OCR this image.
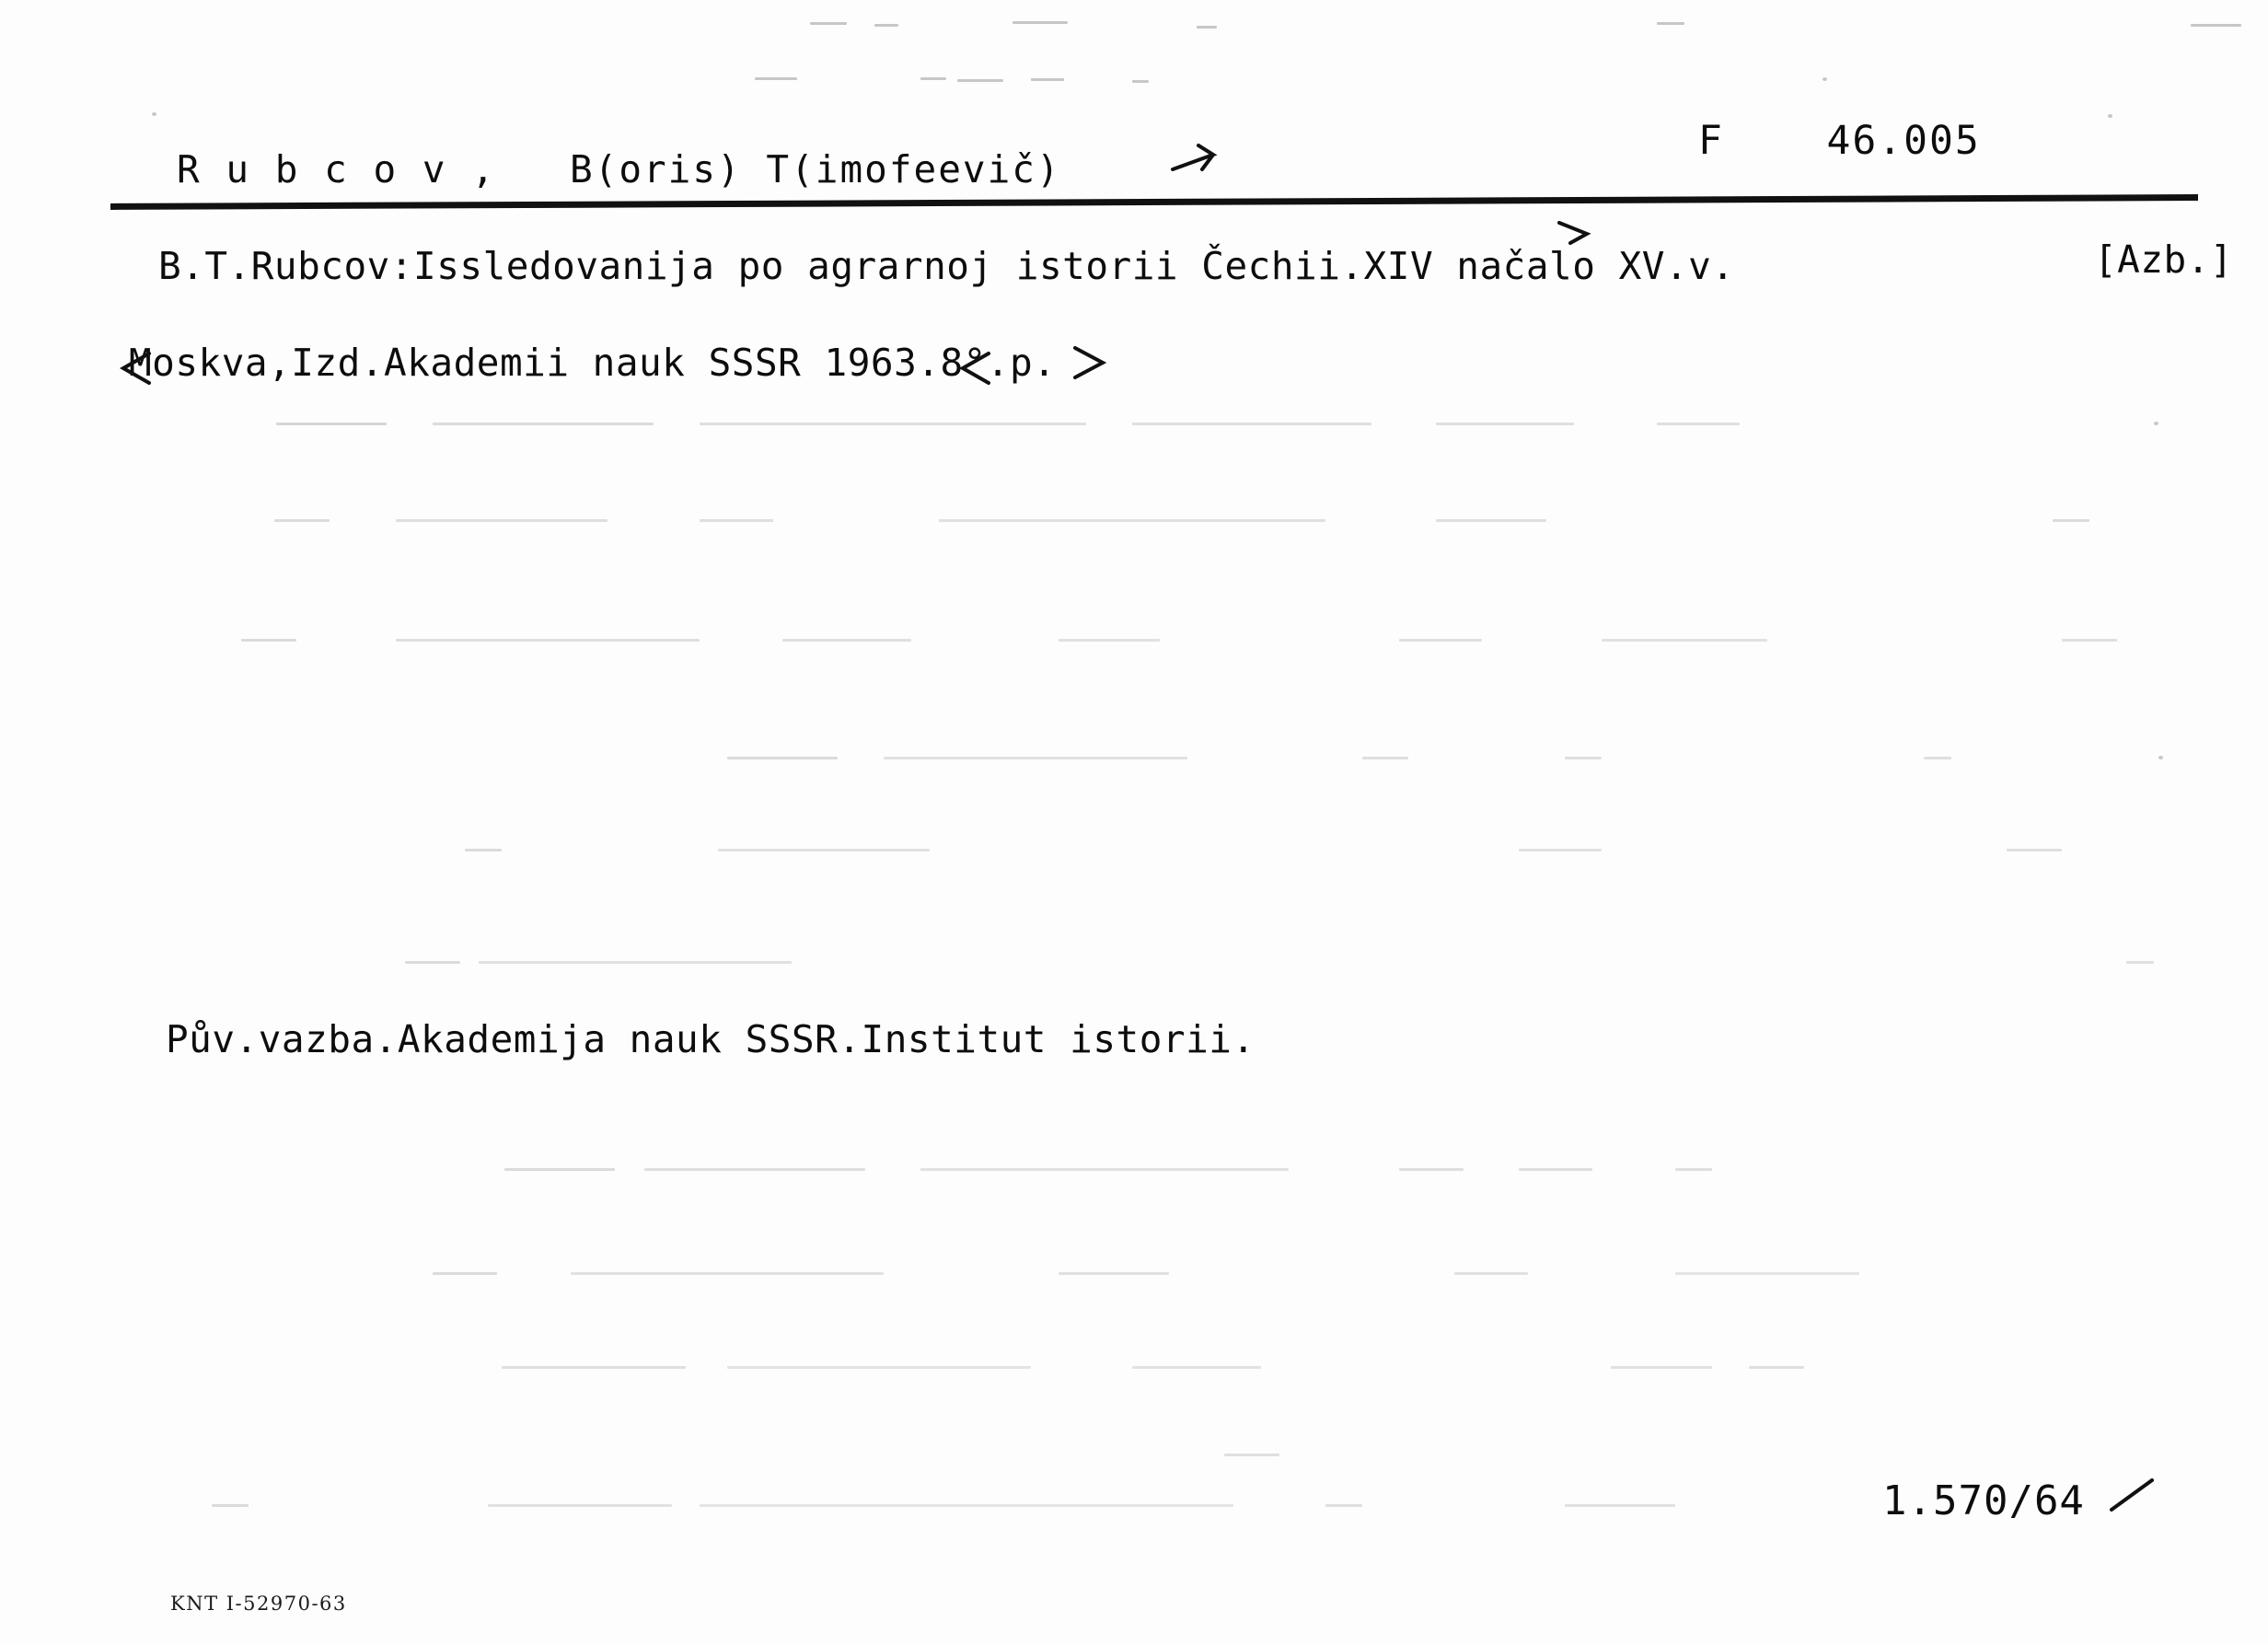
R u b c o v ,   B(oris) T(imofeevič)
F    46.005
B.T.Rubcov:Issledovanija po agrarnoj istorii Čechii.XIV načalo XV.v.	[Azb.]
Moskva,Izd.Akademii nauk SSSR 1963.8°.p.
Pův.vazba.Akademija nauk SSSR.Institut istorii.
1.570/64
KNT I-52970-63
